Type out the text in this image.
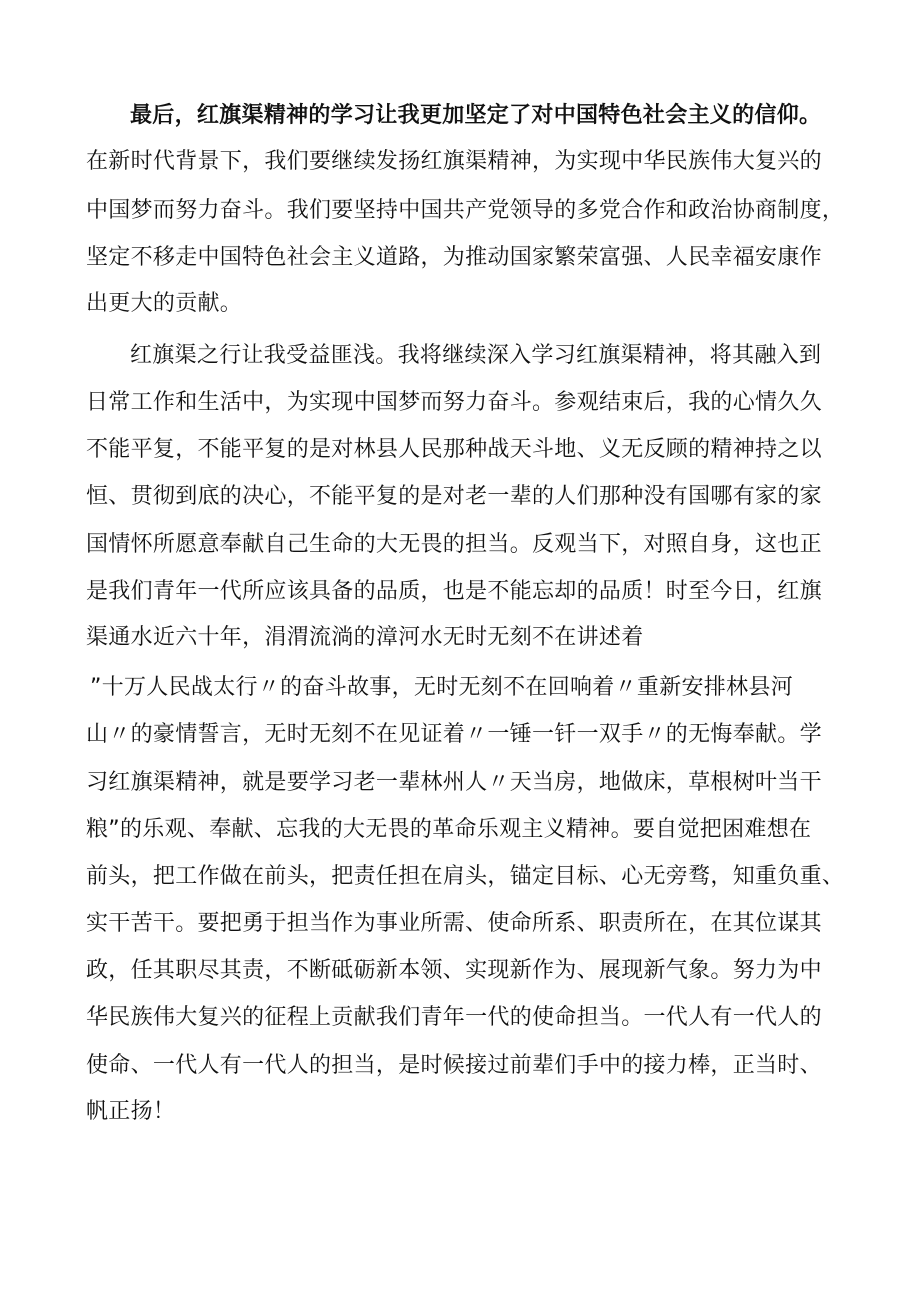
最后，红旗渠精神的学习让我更加坚定了对中国特色社会主义的信仰。

在新时代背景下，我们要继续发扬红旗渠精神，为实现中华民族伟大复兴的

中国梦而努力奋斗。我们要坚持中国共产党领导的多党合作和政治协商制度，

坚定不移走中国特色社会主义道路，为推动国家繁荣富强、人民幸福安康作

出更大的贡献。

红旗渠之行让我受益匪浅。我将继续深入学习红旗渠精神，将其融入到

日常工作和生活中，为实现中国梦而努力奋斗。参观结束后，我的心情久久

不能平复，不能平复的是对林县人民那种战天斗地、义无反顾的精神持之以

恒、贯彻到底的决心，不能平复的是对老一辈的人们那种没有国哪有家的家

国情怀所愿意奉献自己生命的大无畏的担当。反观当下，对照自身，这也正

是我们青年一代所应该具备的品质，也是不能忘却的品质！时至今日，红旗

渠通水近六十年，涓渭流淌的漳河水无时无刻不在讲述着

”十万人民战太行〃的奋斗故事，无时无刻不在回响着〃重新安排林县河

山〃的豪情誓言，无时无刻不在见证着〃一锤一钎一双手〃的无悔奉献。学

习红旗渠精神，就是要学习老一辈林州人〃天当房，地做床，草根树叶当干

粮”的乐观、奉献、忘我的大无畏的革命乐观主义精神。要自觉把困难想在

前头，把工作做在前头，把责任担在肩头，锚定目标、心无旁骛，知重负重、

实干苦干。要把勇于担当作为事业所需、使命所系、职责所在，在其位谋其

政，任其职尽其责，不断砥砺新本领、实现新作为、展现新气象。努力为中

华民族伟大复兴的征程上贡献我们青年一代的使命担当。一代人有一代人的

使命、一代人有一代人的担当，是时候接过前辈们手中的接力棒，正当时、

帆正扬！
